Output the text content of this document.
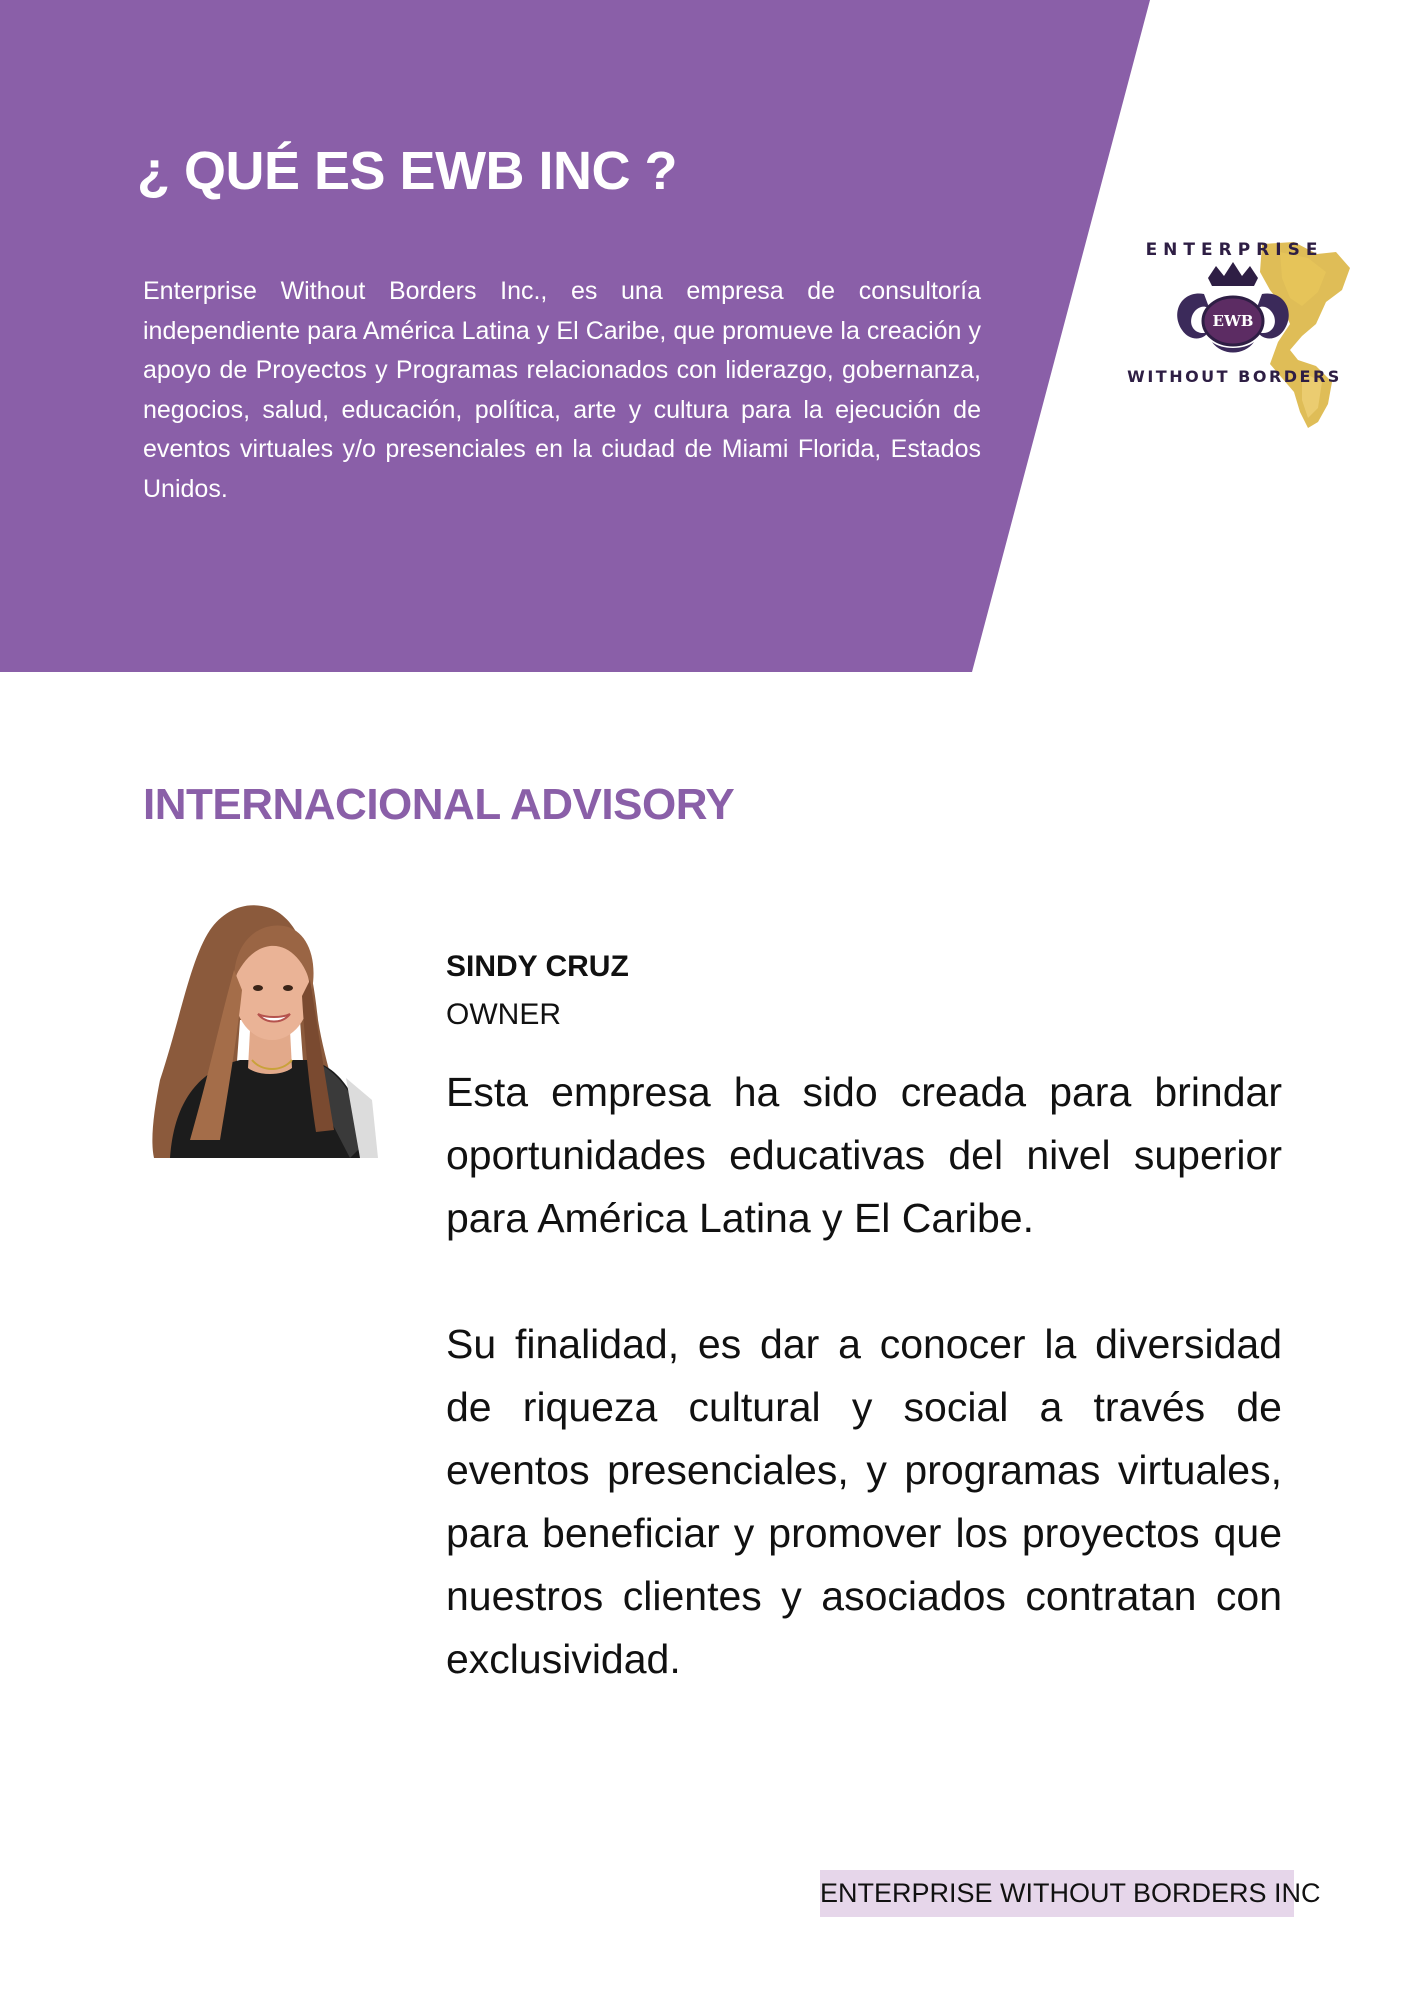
¿ QUÉ ES EWB INC ?

Enterprise Without Borders Inc., es una empresa de consultoría independiente para América Latina y El Caribe, que promueve la creación y apoyo de Proyectos y Programas relacionados con liderazgo, gobernanza, negocios, salud, educación, política, arte y cultura para la ejecución de eventos virtuales y/o presenciales en la ciudad de Miami Florida, Estados Unidos.

ENTERPRISE
EWB
WITHOUT BORDERS
INTERNACIONAL ADVISORY
SINDY CRUZ
OWNER

Esta empresa ha sido creada para brindar oportunidades educativas del nivel superior para América Latina y El Caribe.

Su finalidad, es dar a conocer la diversidad de riqueza cultural y social a través de eventos presenciales, y programas virtuales, para beneficiar y promover los proyectos que nuestros clientes y asociados contratan con exclusividad.

ENTERPRISE WITHOUT BORDERS INC
